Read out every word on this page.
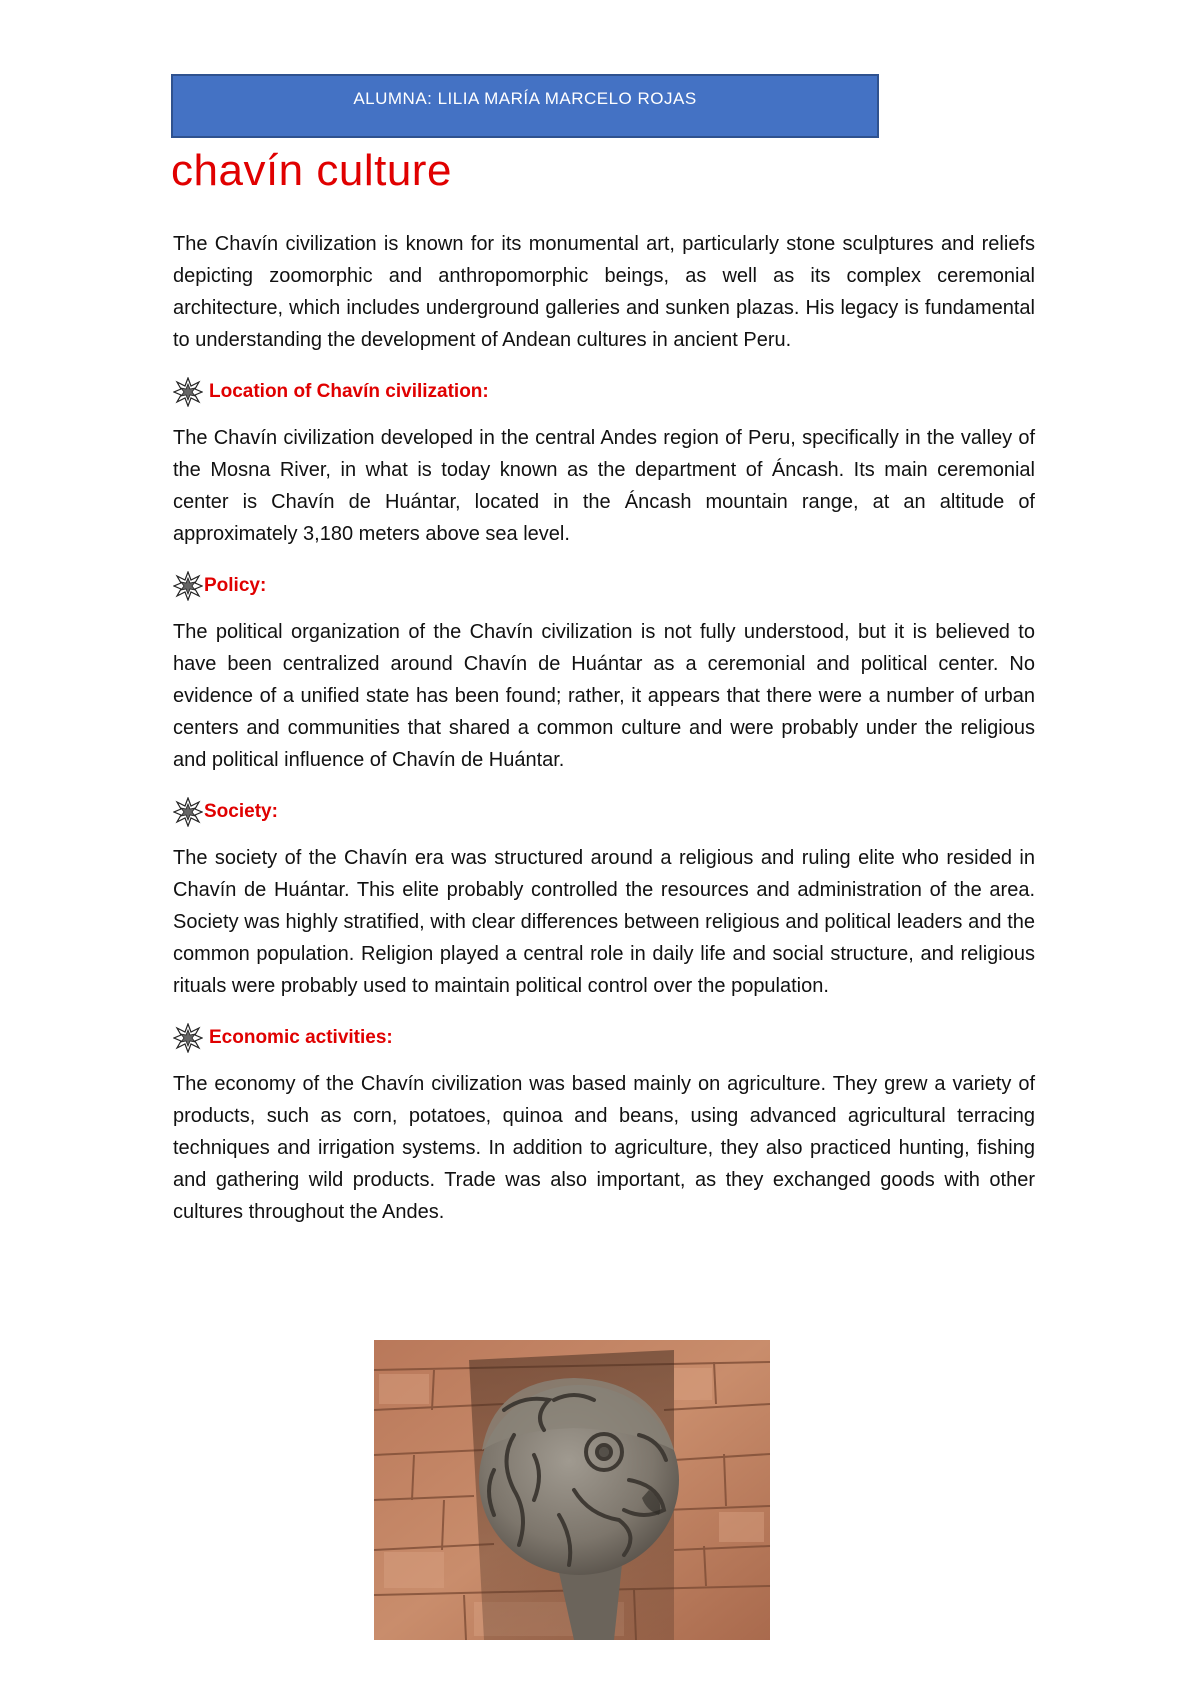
ALUMNA: LILIA MARÍA MARCELO ROJAS
chavín culture

The Chavín civilization is known for its monumental art, particularly stone sculptures and reliefs depicting zoomorphic and anthropomorphic beings, as well as its complex ceremonial architecture, which includes underground galleries and sunken plazas. His legacy is fundamental to understanding the development of Andean cultures in ancient Peru.

Location of Chavín civilization:

The Chavín civilization developed in the central Andes region of Peru, specifically in the valley of the Mosna River, in what is today known as the department of Áncash. Its main ceremonial center is Chavín de Huántar, located in the Áncash mountain range, at an altitude of approximately 3,180 meters above sea level.

Policy:

The political organization of the Chavín civilization is not fully understood, but it is believed to have been centralized around Chavín de Huántar as a ceremonial and political center. No evidence of a unified state has been found; rather, it appears that there were a number of urban centers and communities that shared a common culture and were probably under the religious and political influence of Chavín de Huántar.

Society:

The society of the Chavín era was structured around a religious and ruling elite who resided in Chavín de Huántar. This elite probably controlled the resources and administration of the area. Society was highly stratified, with clear differences between religious and political leaders and the common population. Religion played a central role in daily life and social structure, and religious rituals were probably used to maintain political control over the population.

Economic activities:

The economy of the Chavín civilization was based mainly on agriculture. They grew a variety of products, such as corn, potatoes, quinoa and beans, using advanced agricultural terracing techniques and irrigation systems. In addition to agriculture, they also practiced hunting, fishing and gathering wild products. Trade was also important, as they exchanged goods with other cultures throughout the Andes.
